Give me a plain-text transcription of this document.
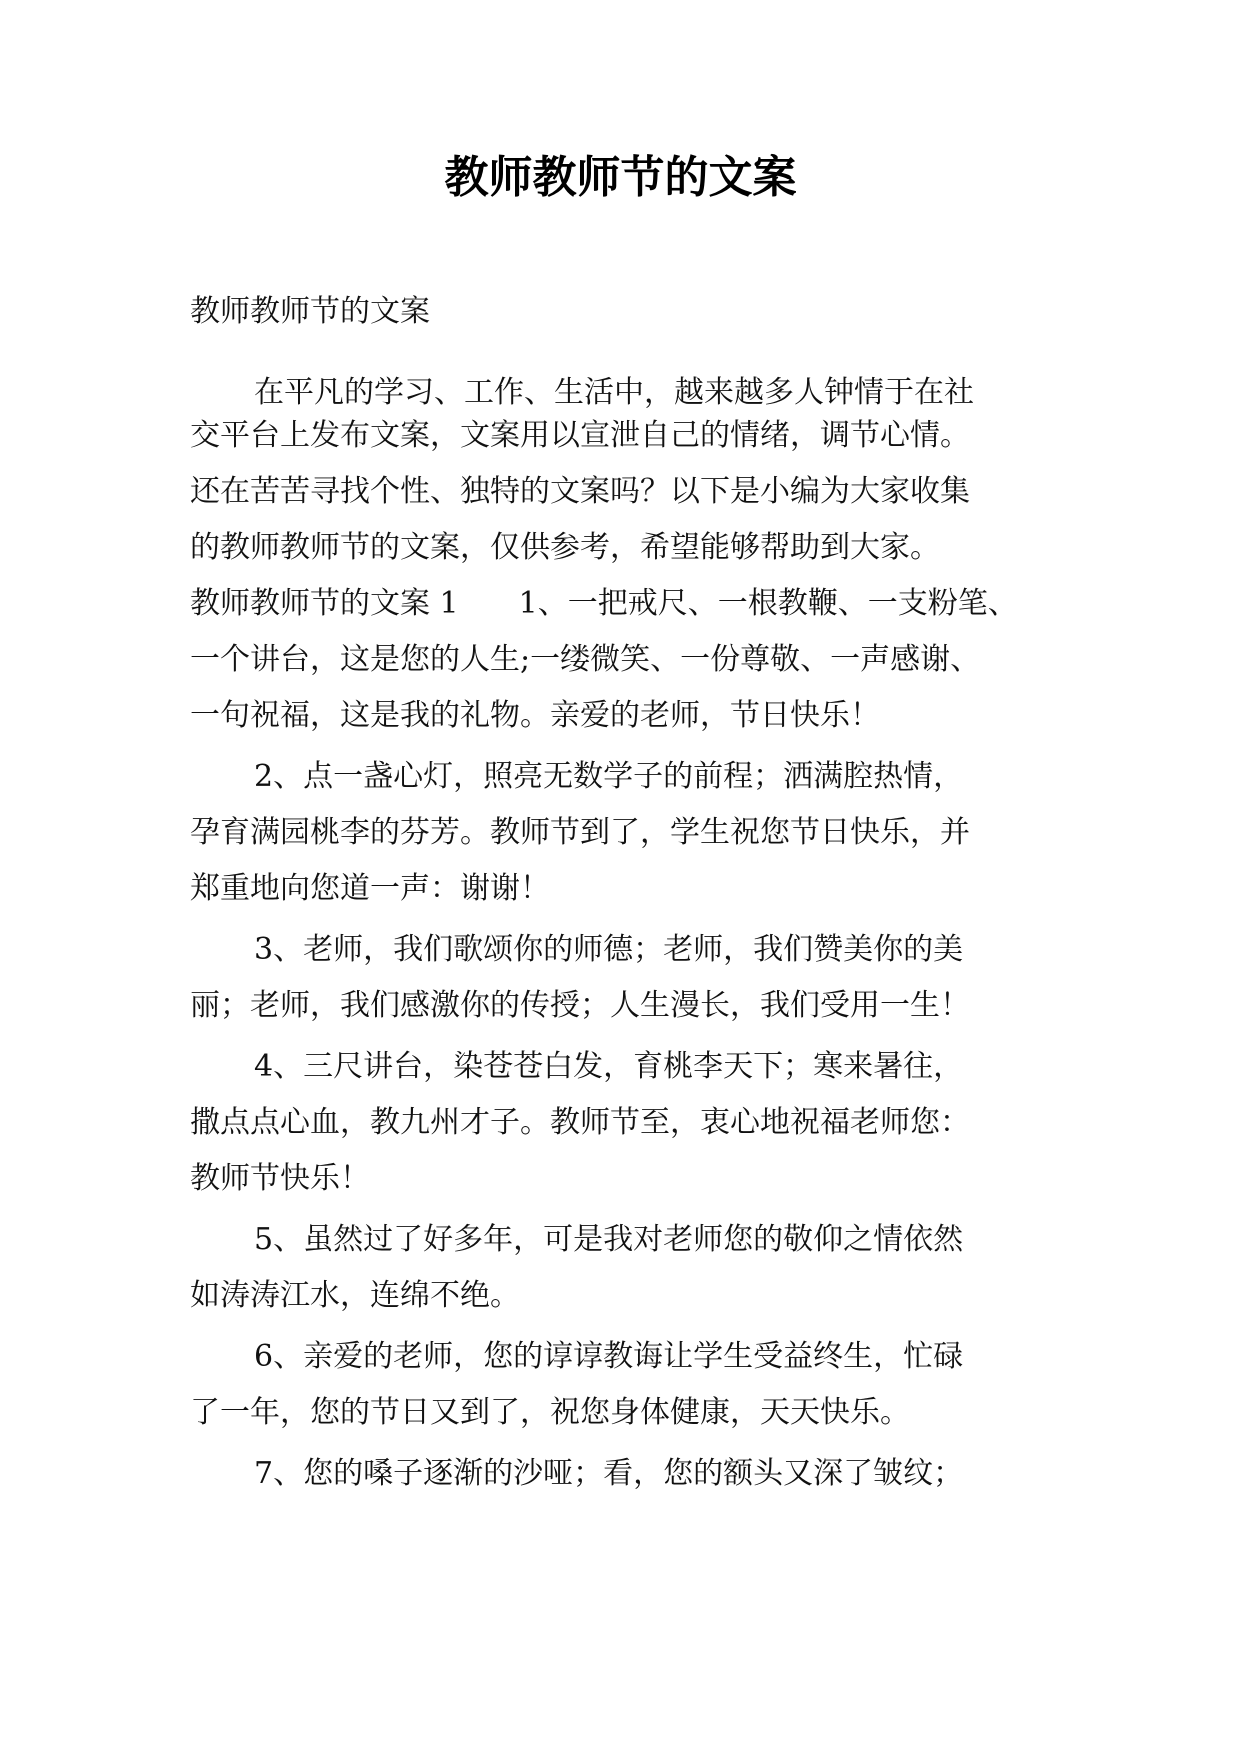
教师教师节的文案

教师教师节的文案

在平凡的学习、工作、生活中，越来越多人钟情于在社

交平台上发布文案，文案用以宣泄自己的情绪，调节心情。

还在苦苦寻找个性、独特的文案吗？以下是小编为大家收集

的教师教师节的文案，仅供参考，希望能够帮助到大家。

教师教师节的文案 1　　1、一把戒尺、一根教鞭、一支粉笔、

一个讲台，这是您的人生;一缕微笑、一份尊敬、一声感谢、

一句祝福，这是我的礼物。亲爱的老师，节日快乐！

2、点一盏心灯，照亮无数学子的前程；洒满腔热情，

孕育满园桃李的芬芳。教师节到了，学生祝您节日快乐，并

郑重地向您道一声：谢谢！

3、老师，我们歌颂你的师德；老师，我们赞美你的美

丽；老师，我们感激你的传授；人生漫长，我们受用一生！

4、三尺讲台，染苍苍白发，育桃李天下；寒来暑往，

撒点点心血，教九州才子。教师节至，衷心地祝福老师您：

教师节快乐！

5、虽然过了好多年，可是我对老师您的敬仰之情依然

如涛涛江水，连绵不绝。

6、亲爱的老师，您的谆谆教诲让学生受益终生，忙碌

了一年，您的节日又到了，祝您身体健康，天天快乐。

7、您的嗓子逐渐的沙哑；看，您的额头又深了皱纹；
